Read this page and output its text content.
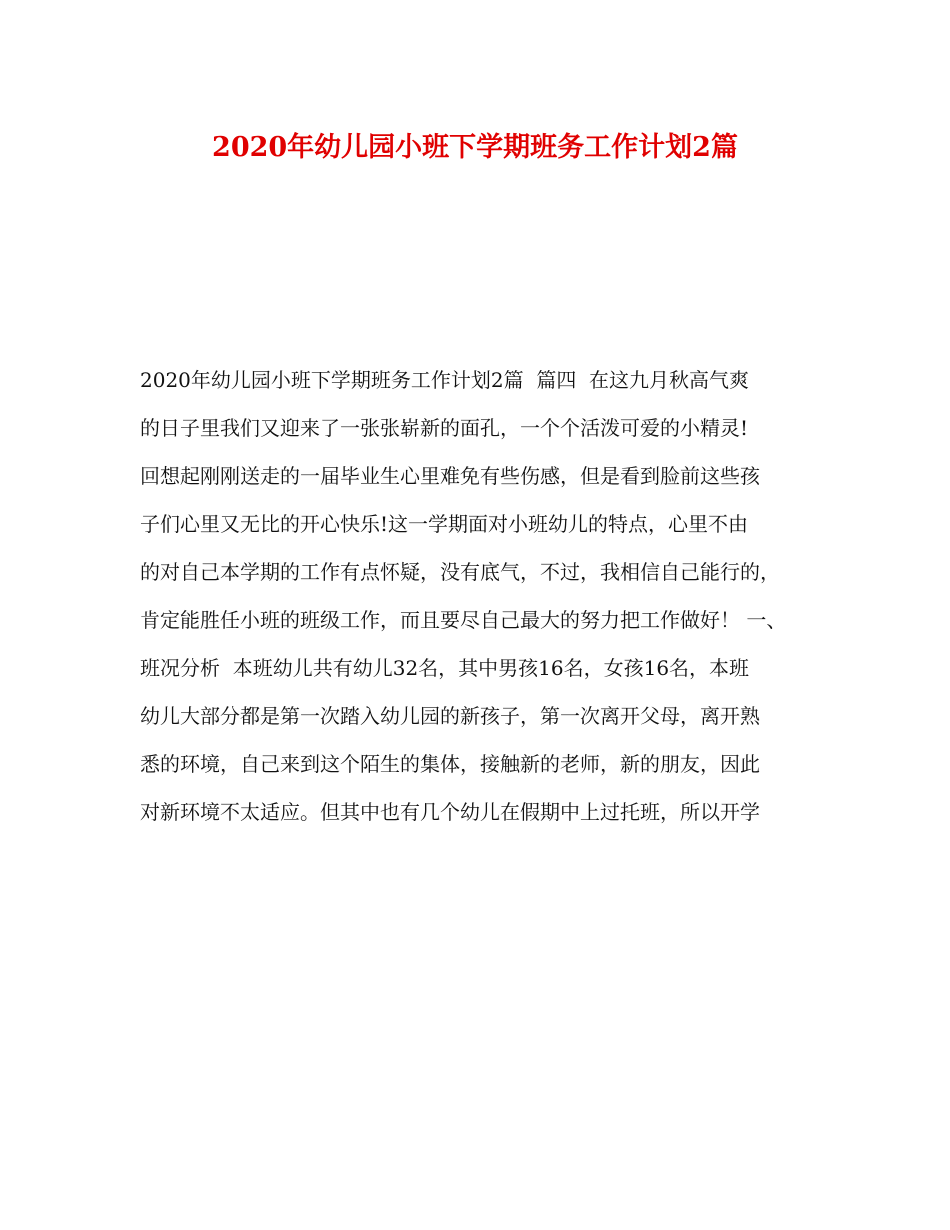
2020年幼儿园小班下学期班务工作计划2篇
2020年幼儿园小班下学期班务工作计划2篇  篇四  在这九月秋高气爽
的日子里我们又迎来了一张张崭新的面孔，一个个活泼可爱的小精灵!
回想起刚刚送走的一届毕业生心里难免有些伤感，但是看到脸前这些孩
子们心里又无比的开心快乐!这一学期面对小班幼儿的特点，心里不由
的对自己本学期的工作有点怀疑，没有底气，不过，我相信自己能行的，
肯定能胜任小班的班级工作，而且要尽自己最大的努力把工作做好！ 一、
班况分析  本班幼儿共有幼儿32名，其中男孩16名，女孩16名，本班
幼儿大部分都是第一次踏入幼儿园的新孩子，第一次离开父母，离开熟
悉的环境，自己来到这个陌生的集体，接触新的老师，新的朋友，因此
对新环境不太适应。但其中也有几个幼儿在假期中上过托班，所以开学
